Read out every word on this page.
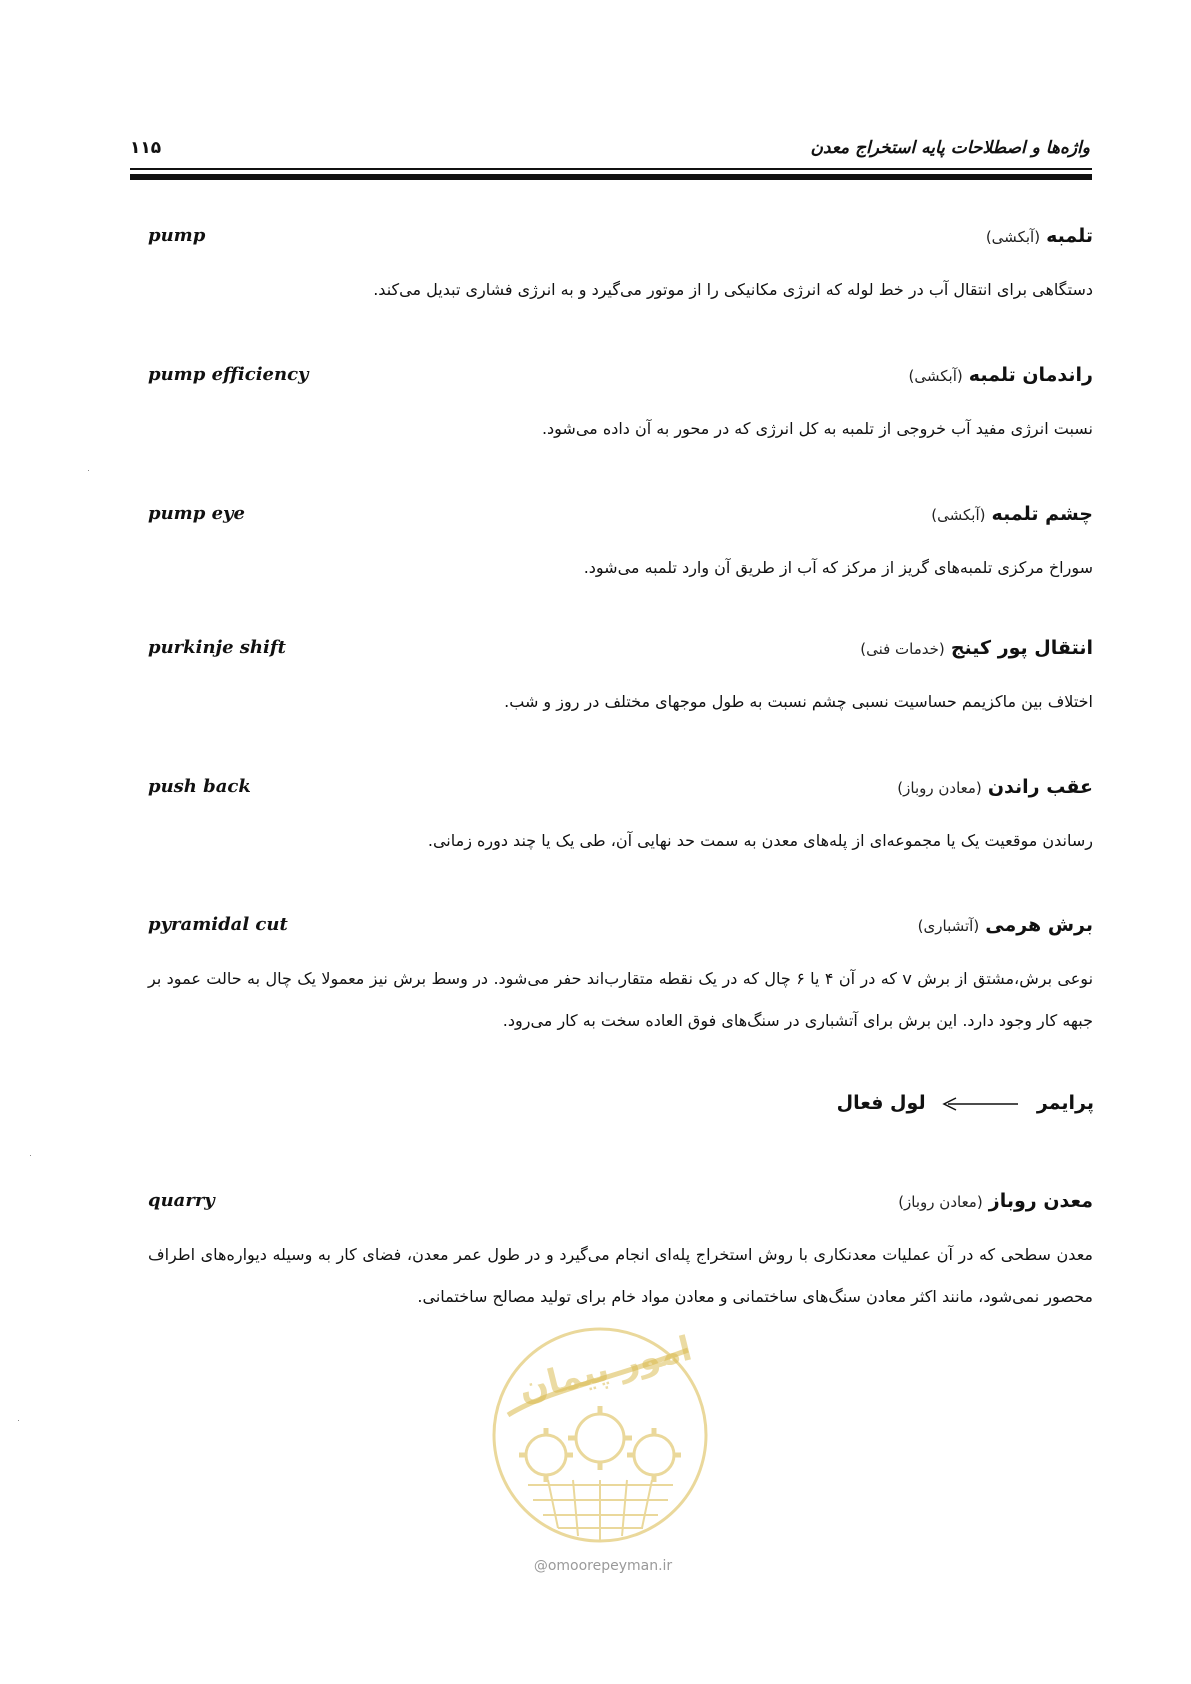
واژه‌ها و اصطلاحات پایه استخراج معدن
۱۱۵
تلمبه (آبکشی)
pump
دستگاهی برای انتقال آب در خط لوله که انرژی مکانیکی را از موتور می‌گیرد و به انرژی فشاری تبدیل می‌کند.
راندمان تلمبه (آبکشی)
pump efficiency
نسبت انرژی مفید آب خروجی از تلمبه به کل انرژی که در محور به آن داده می‌شود.
چشم تلمبه (آبکشی)
pump eye
سوراخ مرکزی تلمبه‌های گریز از مرکز که آب از طریق آن وارد تلمبه می‌شود.
انتقال پور کینج (خدمات فنی)
purkinje shift
اختلاف بین ماکزیمم حساسیت نسبی چشم نسبت به طول موجهای مختلف در روز و شب.
عقب راندن (معادن روباز)
push back
رساندن موقعیت یک یا مجموعه‌ای از پله‌های معدن به سمت حد نهایی آن، طی یک یا چند دوره زمانی.
برش هرمی (آتشباری)
pyramidal cut
نوعی برش،مشتق از برش v که در آن ۴ یا ۶ چال که در یک نقطه متقارب‌اند حفر می‌شود. در وسط برش نیز معمولا یک چال به حالت عمود بر جبهه کار وجود دارد. این برش برای آتشباری در سنگ‌های فوق العاده سخت به کار می‌رود.
پرایمر  لول فعال
معدن روباز (معادن روباز)
quarry
معدن سطحی که در آن عملیات معدنکاری با روش استخراج پله‌ای انجام می‌گیرد و در طول عمر معدن، فضای کار به وسیله دیواره‌های اطراف محصور نمی‌شود، مانند اکثر معادن سنگ‌های ساختمانی و معادن مواد خام برای تولید مصالح ساختمانی.
امور پیمان
@omoorepeyman.ir
